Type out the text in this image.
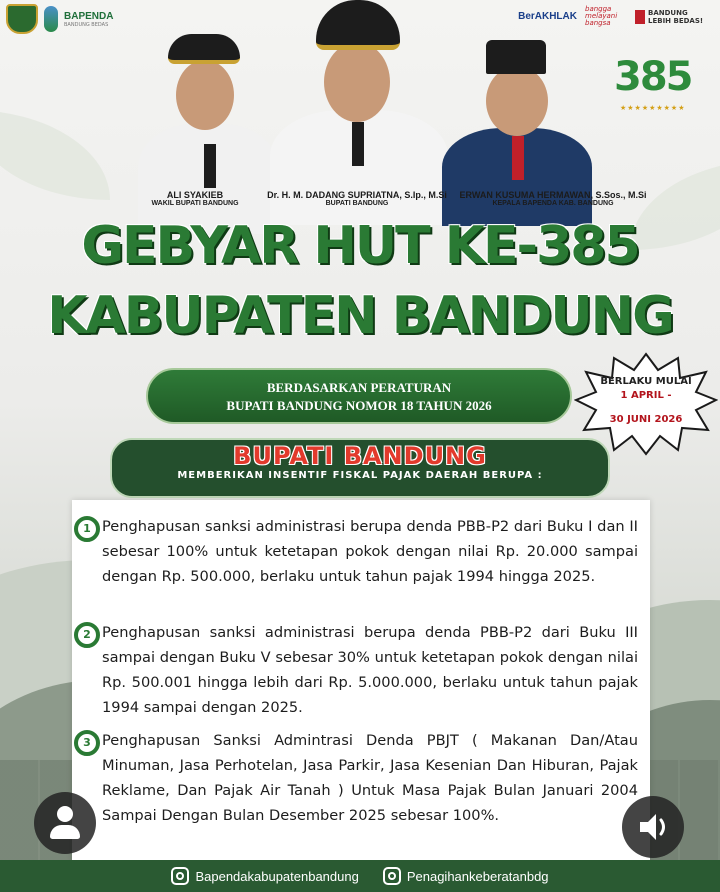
BAPENDA
BANDUNG BEDAS
BerAKHLAK
bangga melayani bangsa
BANDUNG LEBIH BEDAS!
385
★★★★★★★★★
ALI SYAKIEB
WAKIL BUPATI BANDUNG
Dr. H. M. DADANG SUPRIATNA, S.Ip., M.Si
BUPATI BANDUNG
ERWAN KUSUMA HERMAWAN, S.Sos., M.Si
KEPALA BAPENDA KAB. BANDUNG
GEBYAR HUT KE-385
KABUPATEN BANDUNG
BERDASARKAN PERATURAN
BUPATI BANDUNG NOMOR 18 TAHUN 2026
BERLAKU MULAI
1 APRIL -
30 JUNI 2026
BUPATI BANDUNG
MEMBERIKAN INSENTIF FISKAL PAJAK DAERAH BERUPA :
Penghapusan sanksi administrasi berupa denda PBB-P2 dari Buku I dan II sebesar 100% untuk ketetapan pokok dengan nilai Rp. 20.000 sampai dengan Rp. 500.000, berlaku untuk tahun pajak 1994 hingga 2025.
Penghapusan sanksi administrasi berupa denda PBB-P2 dari Buku III sampai dengan Buku V sebesar 30% untuk ketetapan pokok dengan nilai Rp. 500.001 hingga lebih dari Rp. 5.000.000, berlaku untuk tahun pajak 1994 sampai dengan 2025.
Penghapusan Sanksi Admintrasi Denda PBJT ( Makanan Dan/Atau Minuman, Jasa Perhotelan, Jasa Parkir, Jasa Kesenian Dan Hiburan, Pajak Reklame, Dan Pajak Air Tanah ) Untuk Masa Pajak Bulan Januari 2004 Sampai Dengan Bulan Desember 2025 sebesar 100%.
1
2
3
Bapendakabupatenbandung	Penagihankeberatanbdg
